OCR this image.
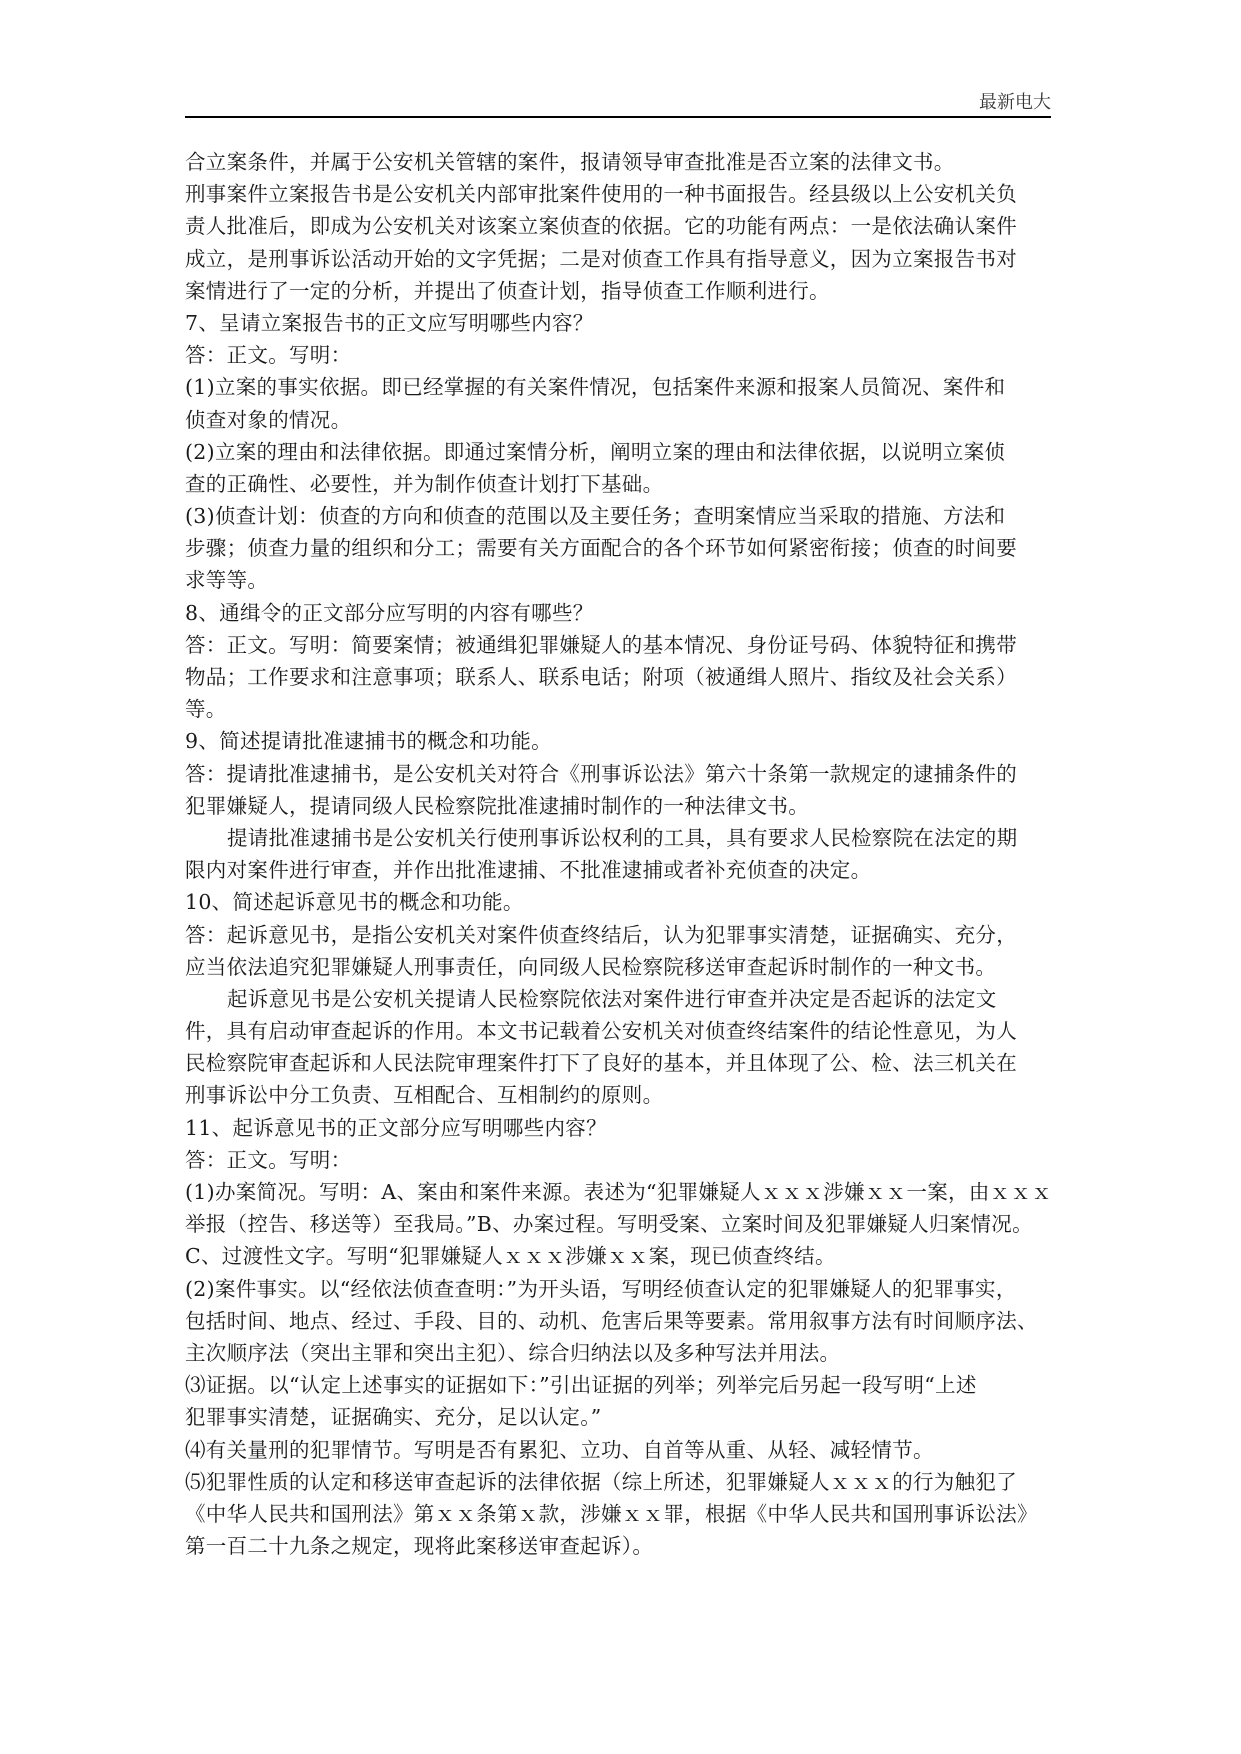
最新电大
合立案条件，并属于公安机关管辖的案件，报请领导审查批准是否立案的法律文书。
刑事案件立案报告书是公安机关内部审批案件使用的一种书面报告。经县级以上公安机关负
责人批准后，即成为公安机关对该案立案侦查的依据。它的功能有两点：一是依法确认案件
成立，是刑事诉讼活动开始的文字凭据；二是对侦查工作具有指导意义，因为立案报告书对
案情进行了一定的分析，并提出了侦查计划，指导侦查工作顺利进行。
7、呈请立案报告书的正文应写明哪些内容？
答：正文。写明：
(1)立案的事实依据。即已经掌握的有关案件情况，包括案件来源和报案人员简况、案件和
侦查对象的情况。
(2)立案的理由和法律依据。即通过案情分析，阐明立案的理由和法律依据，以说明立案侦
查的正确性、必要性，并为制作侦查计划打下基础。
(3)侦查计划：侦查的方向和侦查的范围以及主要任务；查明案情应当采取的措施、方法和
步骤；侦查力量的组织和分工；需要有关方面配合的各个环节如何紧密衔接；侦查的时间要
求等等。
8、通缉令的正文部分应写明的内容有哪些？
答：正文。写明：简要案情；被通缉犯罪嫌疑人的基本情况、身份证号码、体貌特征和携带
物品；工作要求和注意事项；联系人、联系电话；附项（被通缉人照片、指纹及社会关系）
等。
9、简述提请批准逮捕书的概念和功能。
答：提请批准逮捕书，是公安机关对符合《刑事诉讼法》第六十条第一款规定的逮捕条件的
犯罪嫌疑人，提请同级人民检察院批准逮捕时制作的一种法律文书。
提请批准逮捕书是公安机关行使刑事诉讼权利的工具，具有要求人民检察院在法定的期
限内对案件进行审查，并作出批准逮捕、不批准逮捕或者补充侦查的决定。
10、简述起诉意见书的概念和功能。
答：起诉意见书，是指公安机关对案件侦查终结后，认为犯罪事实清楚，证据确实、充分，
应当依法追究犯罪嫌疑人刑事责任，向同级人民检察院移送审查起诉时制作的一种文书。
起诉意见书是公安机关提请人民检察院依法对案件进行审查并决定是否起诉的法定文
件，具有启动审查起诉的作用。本文书记载着公安机关对侦查终结案件的结论性意见，为人
民检察院审查起诉和人民法院审理案件打下了良好的基本，并且体现了公、检、法三机关在
刑事诉讼中分工负责、互相配合、互相制约的原则。
11、起诉意见书的正文部分应写明哪些内容？
答：正文。写明：
(1)办案简况。写明：A、案由和案件来源。表述为“犯罪嫌疑人ｘｘｘ涉嫌ｘｘ一案，由ｘｘｘ
举报（控告、移送等）至我局。”B、办案过程。写明受案、立案时间及犯罪嫌疑人归案情况。
C、过渡性文字。写明“犯罪嫌疑人ｘｘｘ涉嫌ｘｘ案，现已侦查终结。
(2)案件事实。以“经依法侦查查明：”为开头语，写明经侦查认定的犯罪嫌疑人的犯罪事实，
包括时间、地点、经过、手段、目的、动机、危害后果等要素。常用叙事方法有时间顺序法、
主次顺序法（突出主罪和突出主犯）、综合归纳法以及多种写法并用法。
⑶证据。以“认定上述事实的证据如下：”引出证据的列举；列举完后另起一段写明“上述
犯罪事实清楚，证据确实、充分，足以认定。”
⑷有关量刑的犯罪情节。写明是否有累犯、立功、自首等从重、从轻、减轻情节。
⑸犯罪性质的认定和移送审查起诉的法律依据（综上所述，犯罪嫌疑人ｘｘｘ的行为触犯了
《中华人民共和国刑法》第ｘｘ条第ｘ款，涉嫌ｘｘ罪，根据《中华人民共和国刑事诉讼法》
第一百二十九条之规定，现将此案移送审查起诉）。
